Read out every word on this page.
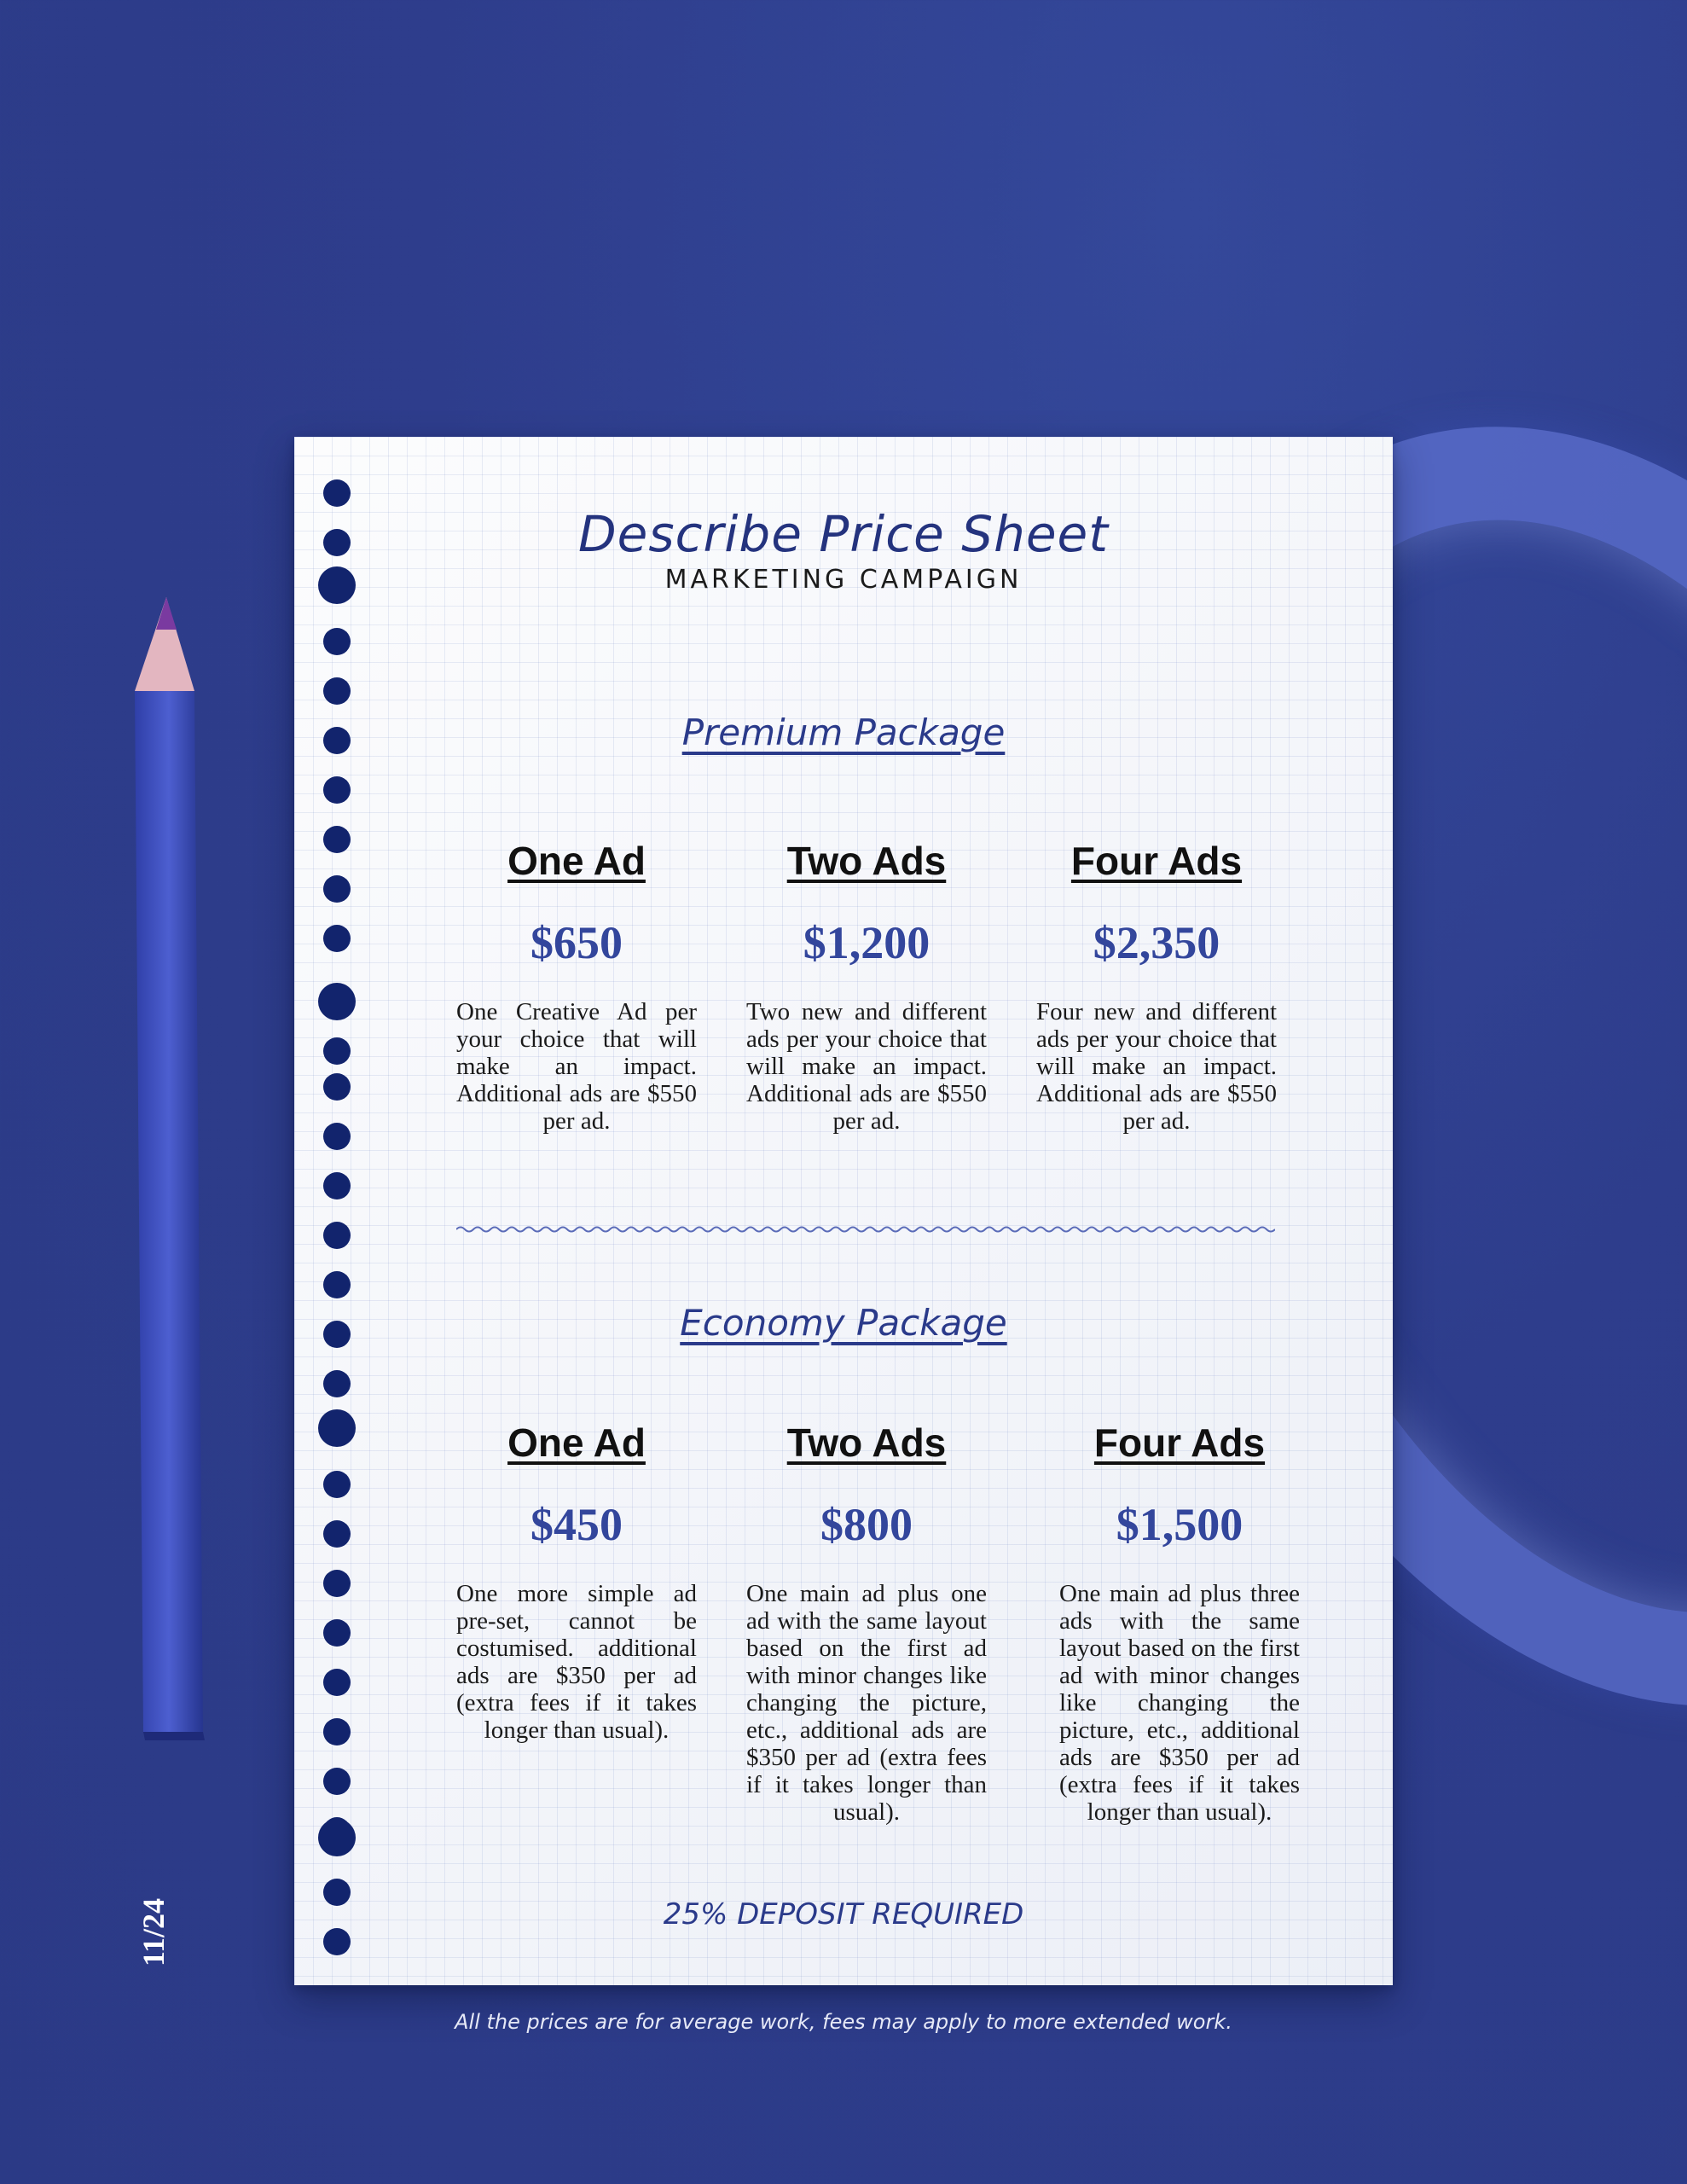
11/24
Describe Price Sheet
MARKETING CAMPAIGN
Premium Package
One Ad
$650
One Creative Ad per your choice that will make an impact. Additional ads are $550 per ad.
Two Ads
$1,200
Two new and different ads per your choice that will make an impact. Additional ads are $550 per ad.
Four Ads
$2,350
Four new and different ads per your choice that will make an impact. Additional ads are $550 per ad.
Economy Package
One Ad
$450
One more simple ad pre-set, cannot be costumised. additional ads are $350 per ad (extra fees if it takes longer than usual).
Two Ads
$800
One main ad plus one ad with the same layout based on the first ad with minor changes like changing the picture, etc., additional ads are $350 per ad (extra fees if it takes longer than usual).
Four Ads
$1,500
One main ad plus three ads with the same layout based on the first ad with minor changes like changing the picture, etc., additional ads are $350 per ad (extra fees if it takes longer than usual).
25% DEPOSIT REQUIRED
All the prices are for average work, fees may apply to more extended work.
